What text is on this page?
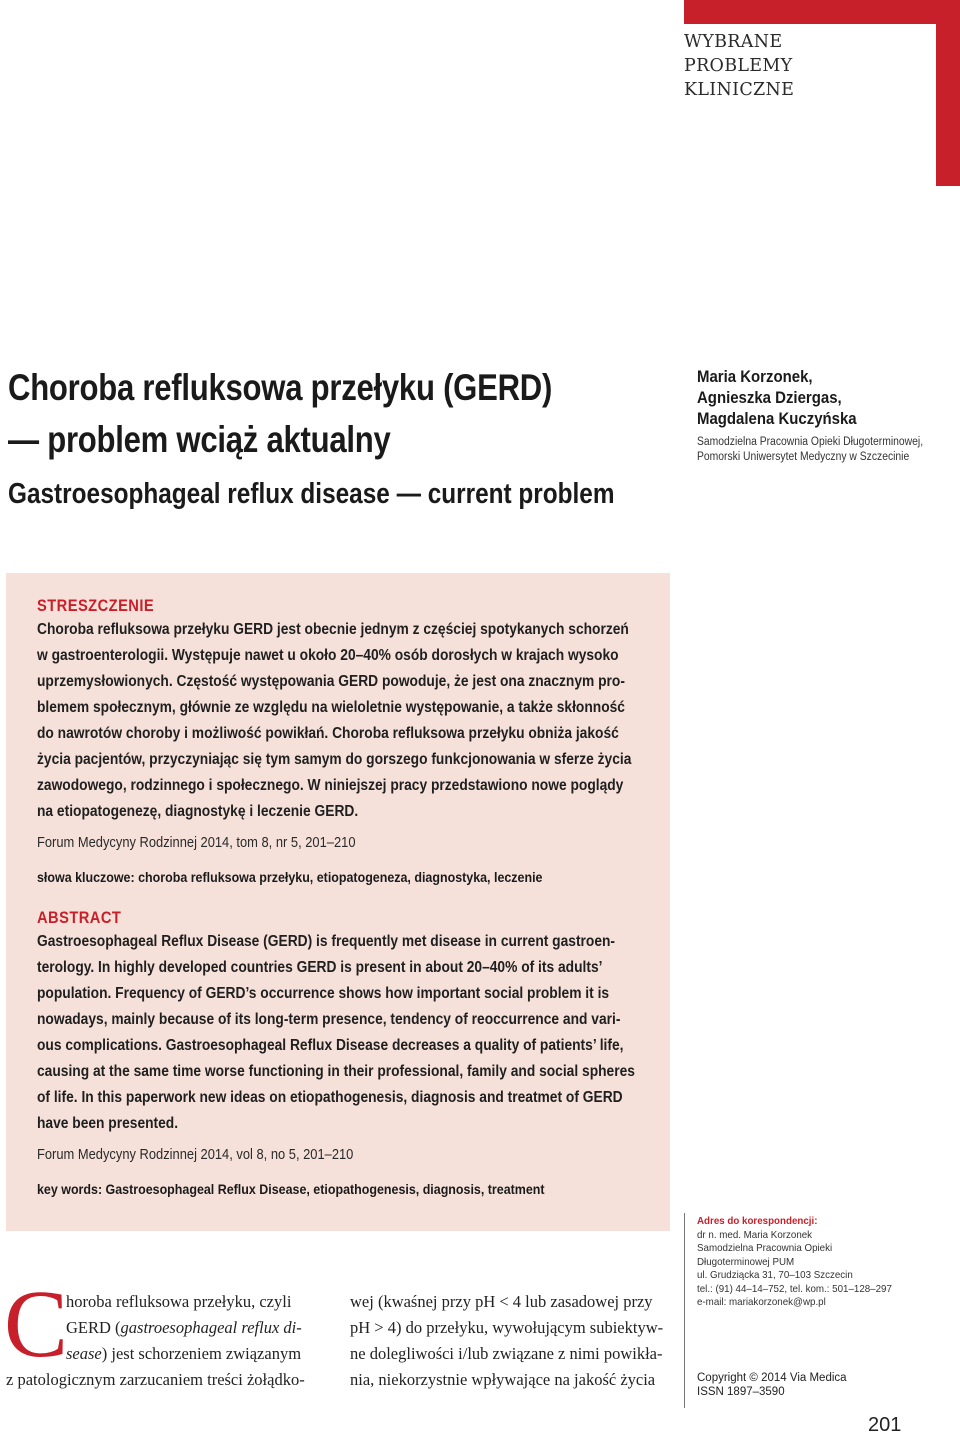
WYBRANE
PROBLEMY
KLINICZNE
Choroba refluksowa przełyku (GERD)
— problem wciąż aktualny
Gastroesophageal reflux disease — current problem
Maria Korzonek,
Agnieszka Dziergas,
Magdalena Kuczyńska
Samodzielna Pracownia Opieki Długoterminowej,
Pomorski Uniwersytet Medyczny w Szczecinie
STRESZCZENIE
Choroba refluksowa przełyku GERD jest obecnie jednym z częściej spotykanych schorzeń
w gastroenterologii. Występuje nawet u około 20–40% osób dorosłych w krajach wysoko
uprzemysłowionych. Częstość występowania GERD powoduje, że jest ona znacznym pro-
blemem społecznym, głównie ze względu na wieloletnie występowanie, a także skłonność
do nawrotów choroby i możliwość powikłań. Choroba refluksowa przełyku obniża jakość
życia pacjentów, przyczyniając się tym samym do gorszego funkcjonowania w sferze życia
zawodowego, rodzinnego i społecznego. W niniejszej pracy przedstawiono nowe poglądy
na etiopatogenezę, diagnostykę i leczenie GERD.
Forum Medycyny Rodzinnej 2014, tom 8, nr 5, 201–210
słowa kluczowe: choroba refluksowa przełyku, etiopatogeneza, diagnostyka, leczenie
ABSTRACT
Gastroesophageal Reflux Disease (GERD) is frequently met disease in current gastroen-
terology. In highly developed countries GERD is present in about 20–40% of its adults’
population. Frequency of GERD’s occurrence shows how important social problem it is
nowadays, mainly because of its long-term presence, tendency of reoccurrence and vari-
ous complications. Gastroesophageal Reflux Disease decreases a quality of patients’ life,
causing at the same time worse functioning in their professional, family and social spheres
of life. In this paperwork new ideas on etiopathogenesis, diagnosis and treatmet of GERD
have been presented.
Forum Medycyny Rodzinnej 2014, vol 8, no 5, 201–210
key words: Gastroesophageal Reflux Disease, etiopathogenesis, diagnosis, treatment
Adres do korespondencji:
dr n. med. Maria Korzonek
Samodzielna Pracownia Opieki
Długoterminowej PUM
ul. Grudziącka 31, 70–103 Szczecin
tel.: (91) 44–14–752, tel. kom.: 501–128–297
e-mail: mariakorzonek@wp.pl
Copyright © 2014 Via Medica
ISSN 1897–3590
C
horoba refluksowa przełyku, czyli
GERD (gastroesophageal reflux di-
sease) jest schorzeniem związanym
z patologicznym zarzucaniem treści żołądko-
wej (kwaśnej przy pH < 4 lub zasadowej przy
pH > 4) do przełyku, wywołującym subiektyw-
ne dolegliwości i/lub związane z nimi powikła-
nia, niekorzystnie wpływające na jakość życia
201
